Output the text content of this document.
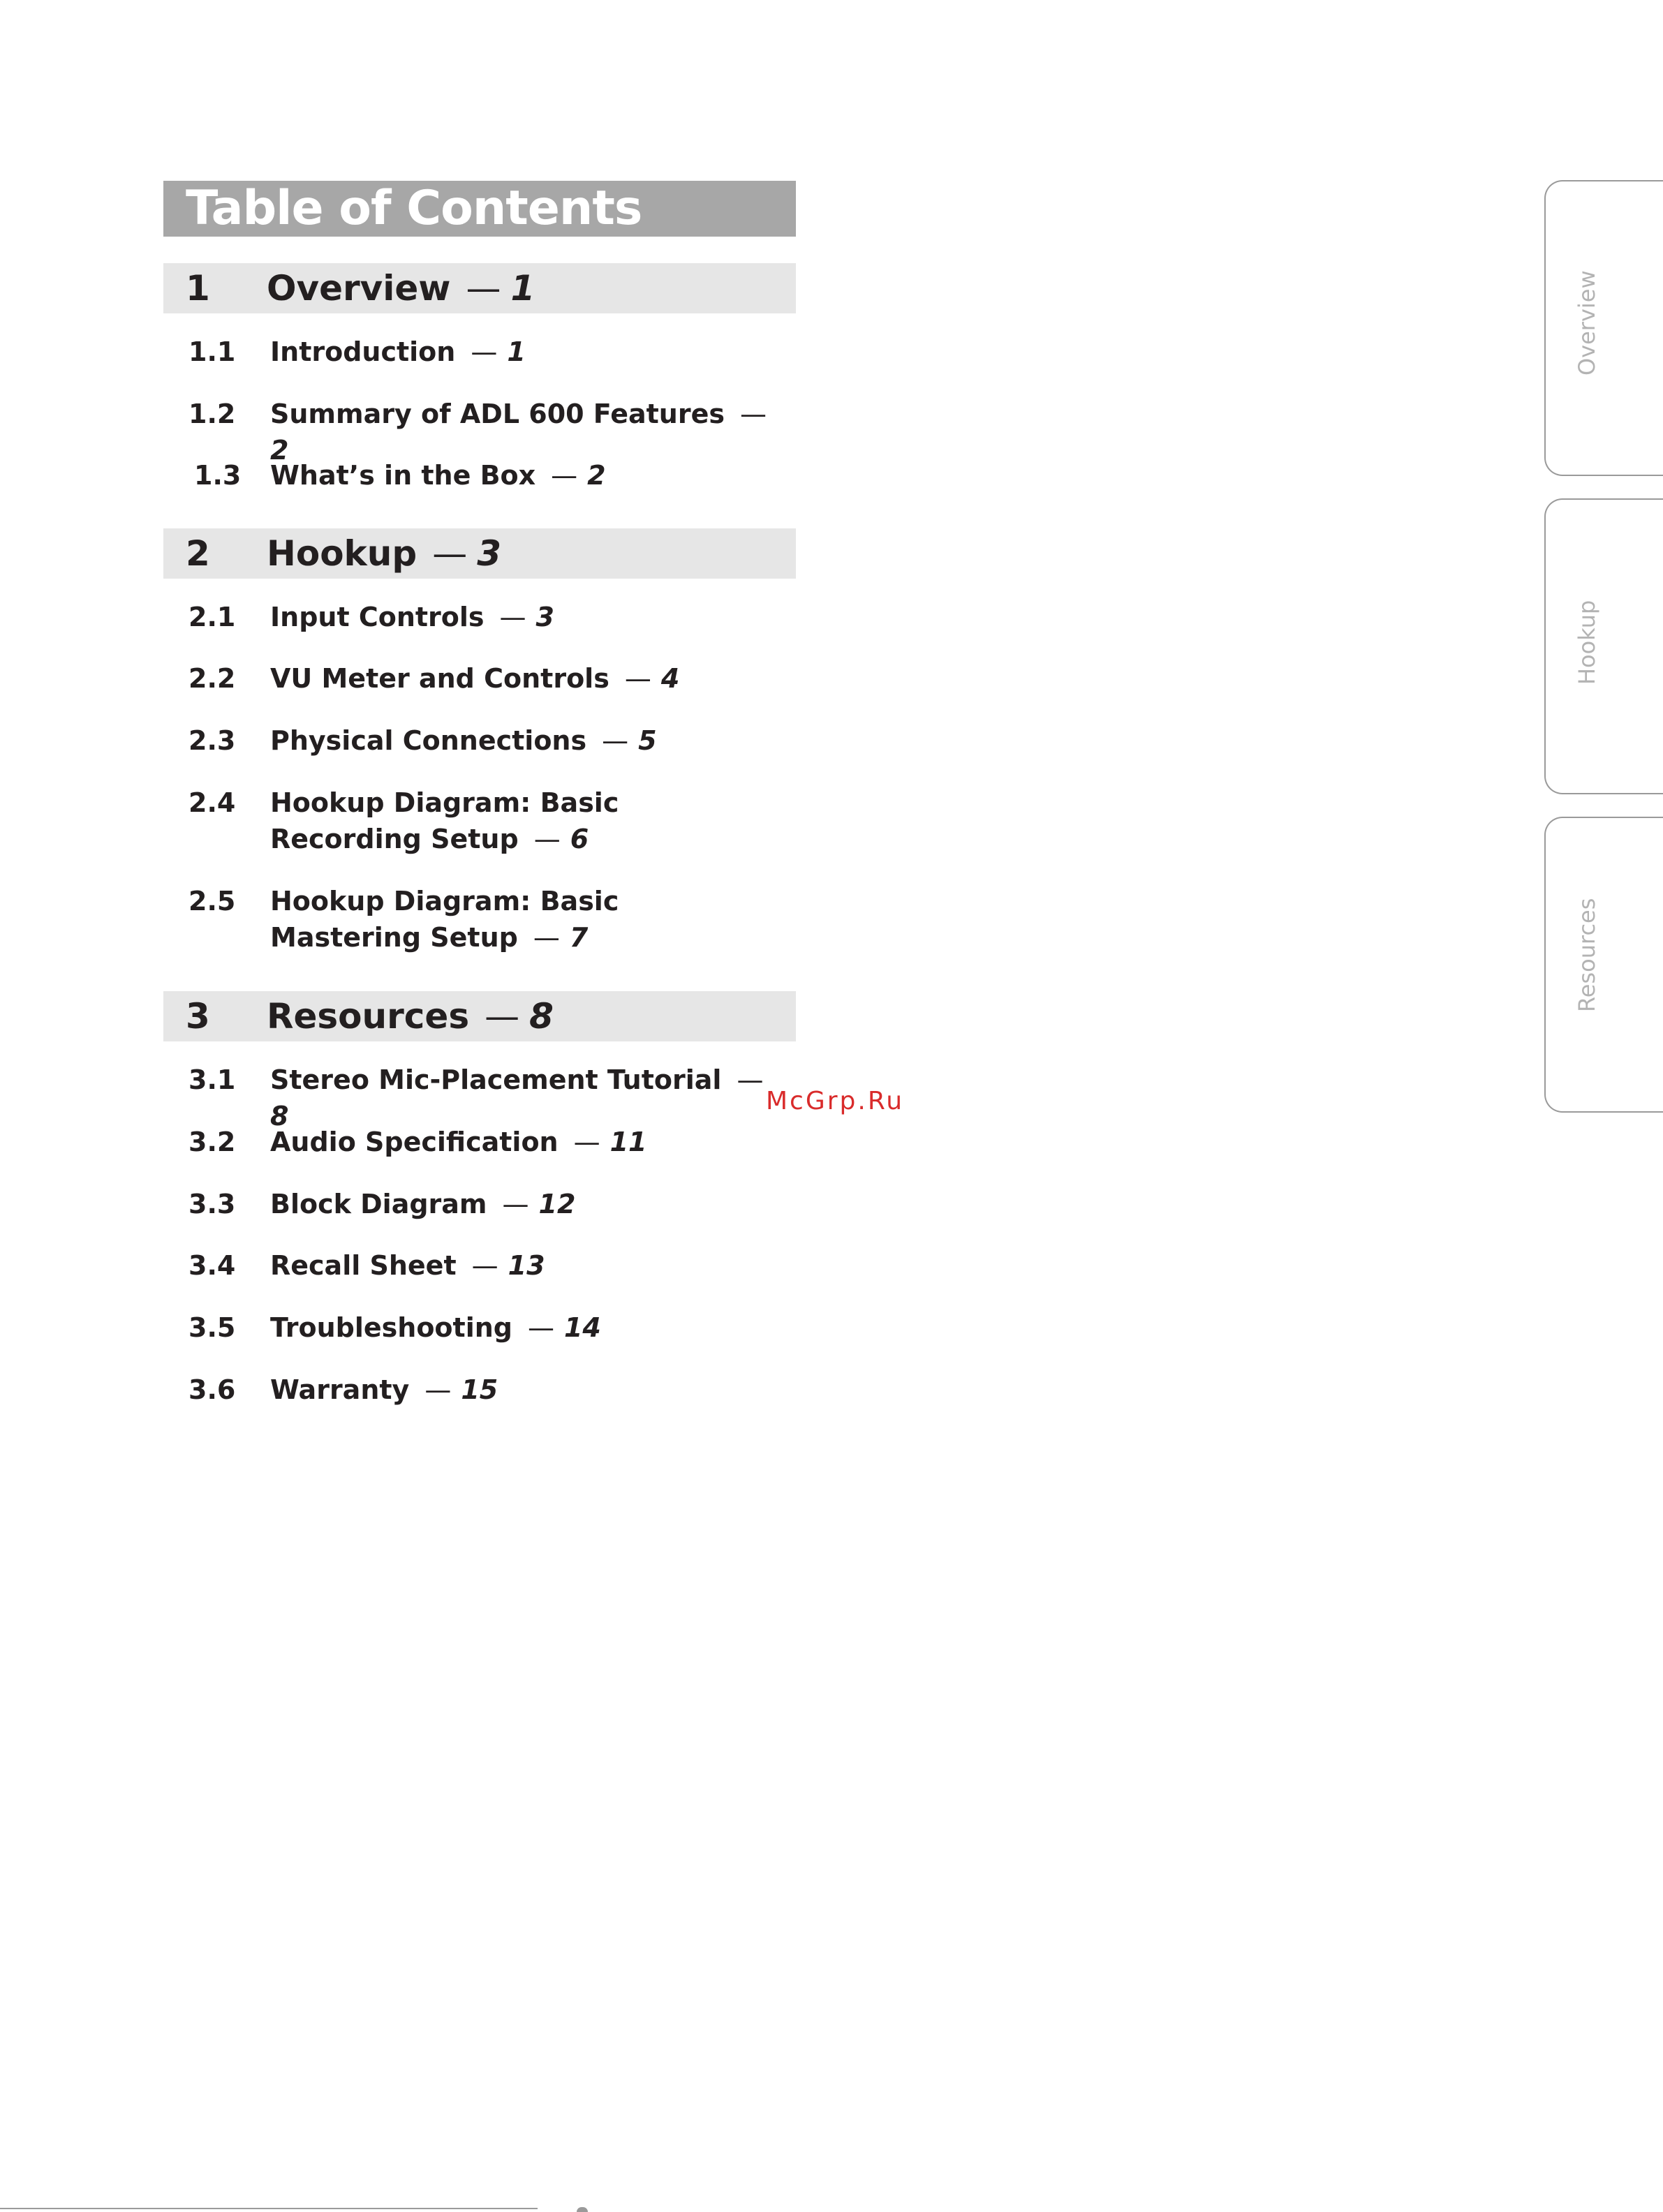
Table of Contents
1 Overview — 1
1.1 Introduction — 1
1.2 Summary of ADL 600 Features —2
1.3 What’s in the Box — 2
2 Hookup — 3
2.1 Input Controls — 3
2.2 VU Meter and Controls — 4
2.3 Physical Connections — 5
2.4 Hookup Diagram: Basic Recording Setup — 6
2.5 Hookup Diagram: Basic Mastering Setup — 7
3 Resources — 8
3.1 Stereo Mic-Placement Tutorial —8
3.2 Audio Specification — 11
3.3 Block Diagram — 12
3.4 Recall Sheet — 13
3.5 Troubleshooting — 14
3.6 Warranty — 15
McGrp.Ru
Overview
Hookup
Resources
